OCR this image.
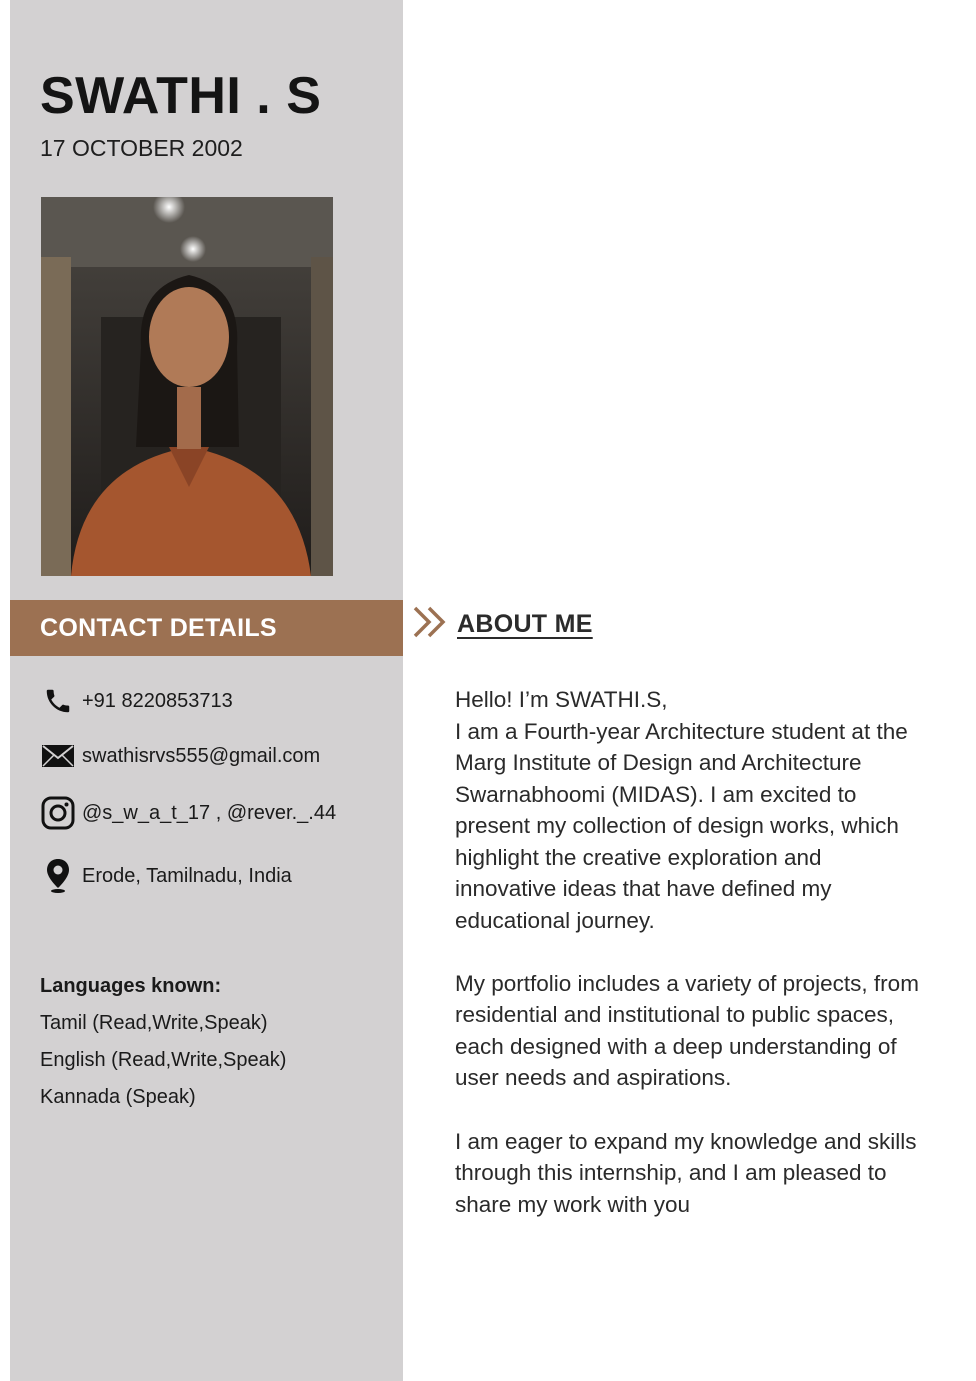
SWATHI . S
17 OCTOBER 2002
CONTACT DETAILS
+91 8220853713
swathisrvs555@gmail.com
@s_w_a_t_17 , @rever._.44
Erode, Tamilnadu, India
Languages known:
Tamil (Read,Write,Speak)
English (Read,Write,Speak)
Kannada (Speak)
ABOUT ME
Hello! I’m SWATHI.S,
I am a Fourth-year Architecture student at the
Marg Institute of Design and Architecture
Swarnabhoomi (MIDAS). I am excited to
present my collection of design works, which
highlight the creative exploration and
innovative ideas that have defined my
educational journey.
My portfolio includes a variety of projects, from
residential and institutional to public spaces,
each designed with a deep understanding of
user needs and aspirations.
I am eager to expand my knowledge and skills
through this internship, and I am pleased to
share my work with you
